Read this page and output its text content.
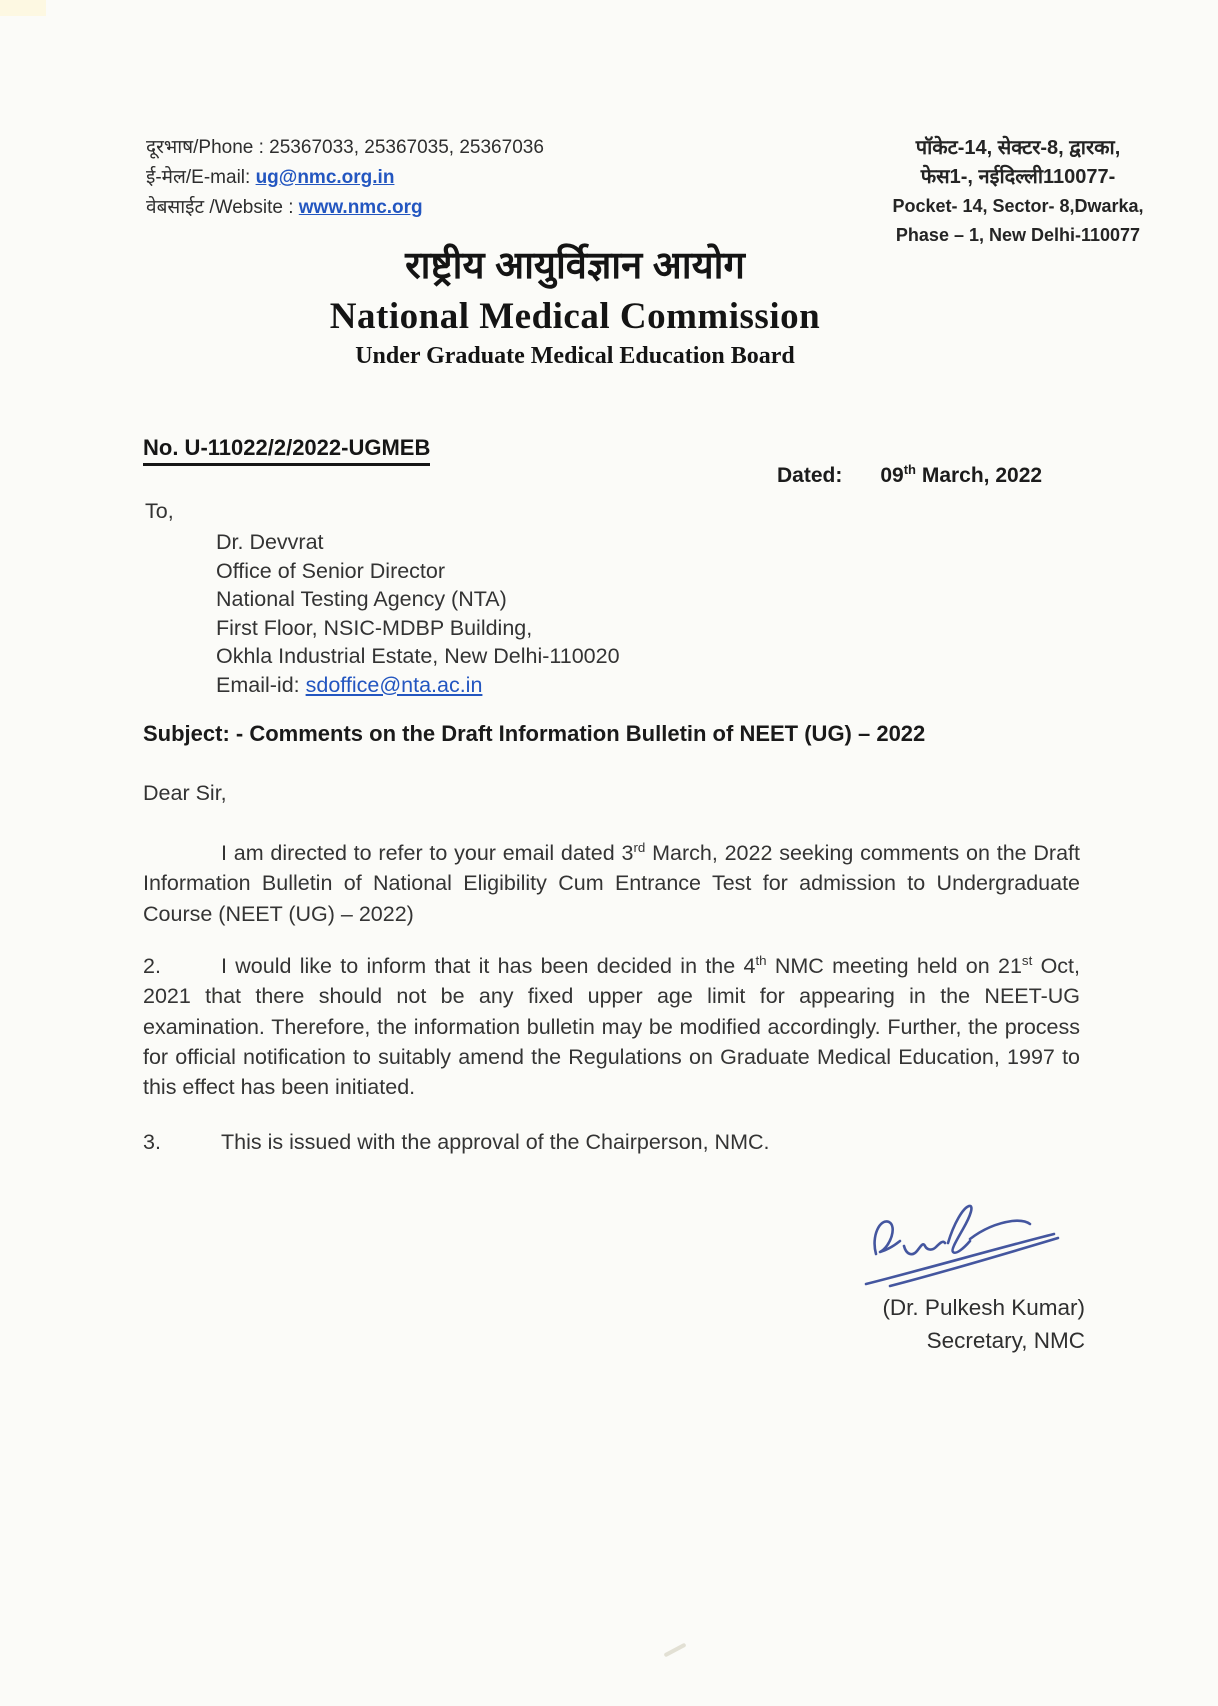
दूरभाष/Phone : 25367033, 25367035, 25367036
ई-मेल/E-mail: ug@nmc.org.in
वेबसाईट /Website : www.nmc.org
पॉकेट-14, सेक्टर-8, द्वारका,
फेस1-, नईदिल्ली110077-
Pocket- 14, Sector- 8,Dwarka,
Phase – 1, New Delhi-110077
राष्ट्रीय आयुर्विज्ञान आयोग
National Medical Commission
Under Graduate Medical Education Board
No. U-11022/2/2022-UGMEB
Dated: 09th March, 2022
To,
Dr. Devvrat
Office of Senior Director
National Testing Agency (NTA)
First Floor, NSIC-MDBP Building,
Okhla Industrial Estate, New Delhi-110020
Email-id: sdoffice@nta.ac.in
Subject: - Comments on the Draft Information Bulletin of NEET (UG) – 2022
Dear Sir,
I am directed to refer to your email dated 3rd March, 2022 seeking comments on the Draft Information Bulletin of National Eligibility Cum Entrance Test for admission to Undergraduate Course (NEET (UG) – 2022)
2.	I would like to inform that it has been decided in the 4th NMC meeting held on 21st Oct, 2021 that there should not be any fixed upper age limit for appearing in the NEET-UG examination. Therefore, the information bulletin may be modified accordingly. Further, the process for official notification to suitably amend the Regulations on Graduate Medical Education, 1997 to this effect has been initiated.
3.	This is issued with the approval of the Chairperson, NMC.
(Dr. Pulkesh Kumar)
Secretary, NMC
